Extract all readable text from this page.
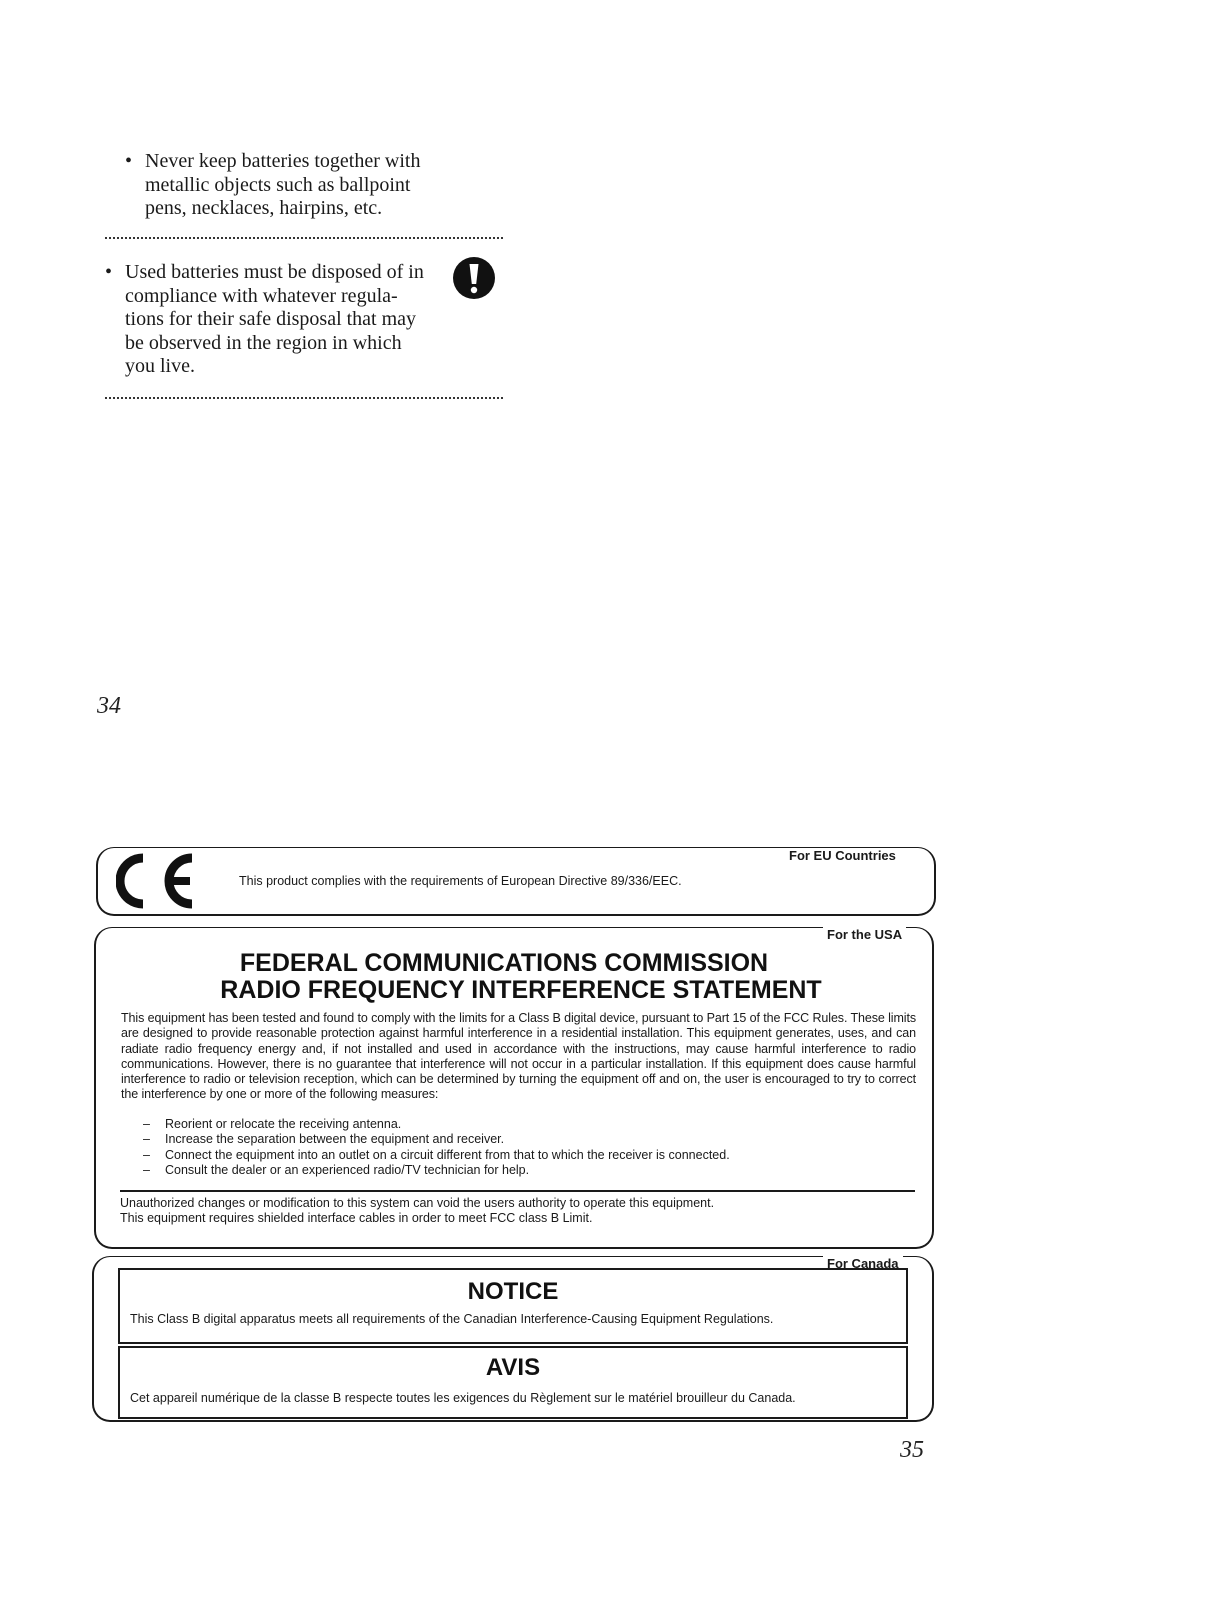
• Never keep batteries together with
metallic objects such as ballpoint
pens, necklaces, hairpins, etc.
• Used batteries must be disposed of in
compliance with whatever regula-
tions for their safe disposal that may
be observed in the region in which
you live.
34
For EU Countries
This product complies with the requirements of European Directive 89/336/EEC.
For the USA
FEDERAL COMMUNICATIONS COMMISSION
RADIO FREQUENCY INTERFERENCE STATEMENT
This equipment has been tested and found to comply with the limits for a Class B digital device, pursuant to Part 15 of the FCC Rules. These limits are designed to provide reasonable protection against harmful interference in a residential installation. This equipment generates, uses, and can radiate radio frequency energy and, if not installed and used in accordance with the instructions, may cause harmful interference to radio communications. However, there is no guarantee that interference will not occur in a particular installation. If this equipment does cause harmful interference to radio or television reception, which can be determined by turning the equipment off and on, the user is encouraged to try to correct the interference by one or more of the following measures:
– Reorient or relocate the receiving antenna.
– Increase the separation between the equipment and receiver.
– Connect the equipment into an outlet on a circuit different from that to which the receiver is connected.
– Consult the dealer or an experienced radio/TV technician for help.
Unauthorized changes or modification to this system can void the users authority to operate this equipment.
This equipment requires shielded interface cables in order to meet FCC class B Limit.
For Canada
NOTICE
This Class B digital apparatus meets all requirements of the Canadian Interference-Causing Equipment Regulations.
AVIS
Cet appareil numérique de la classe B respecte toutes les exigences du Règlement sur le matériel brouilleur du Canada.
35
